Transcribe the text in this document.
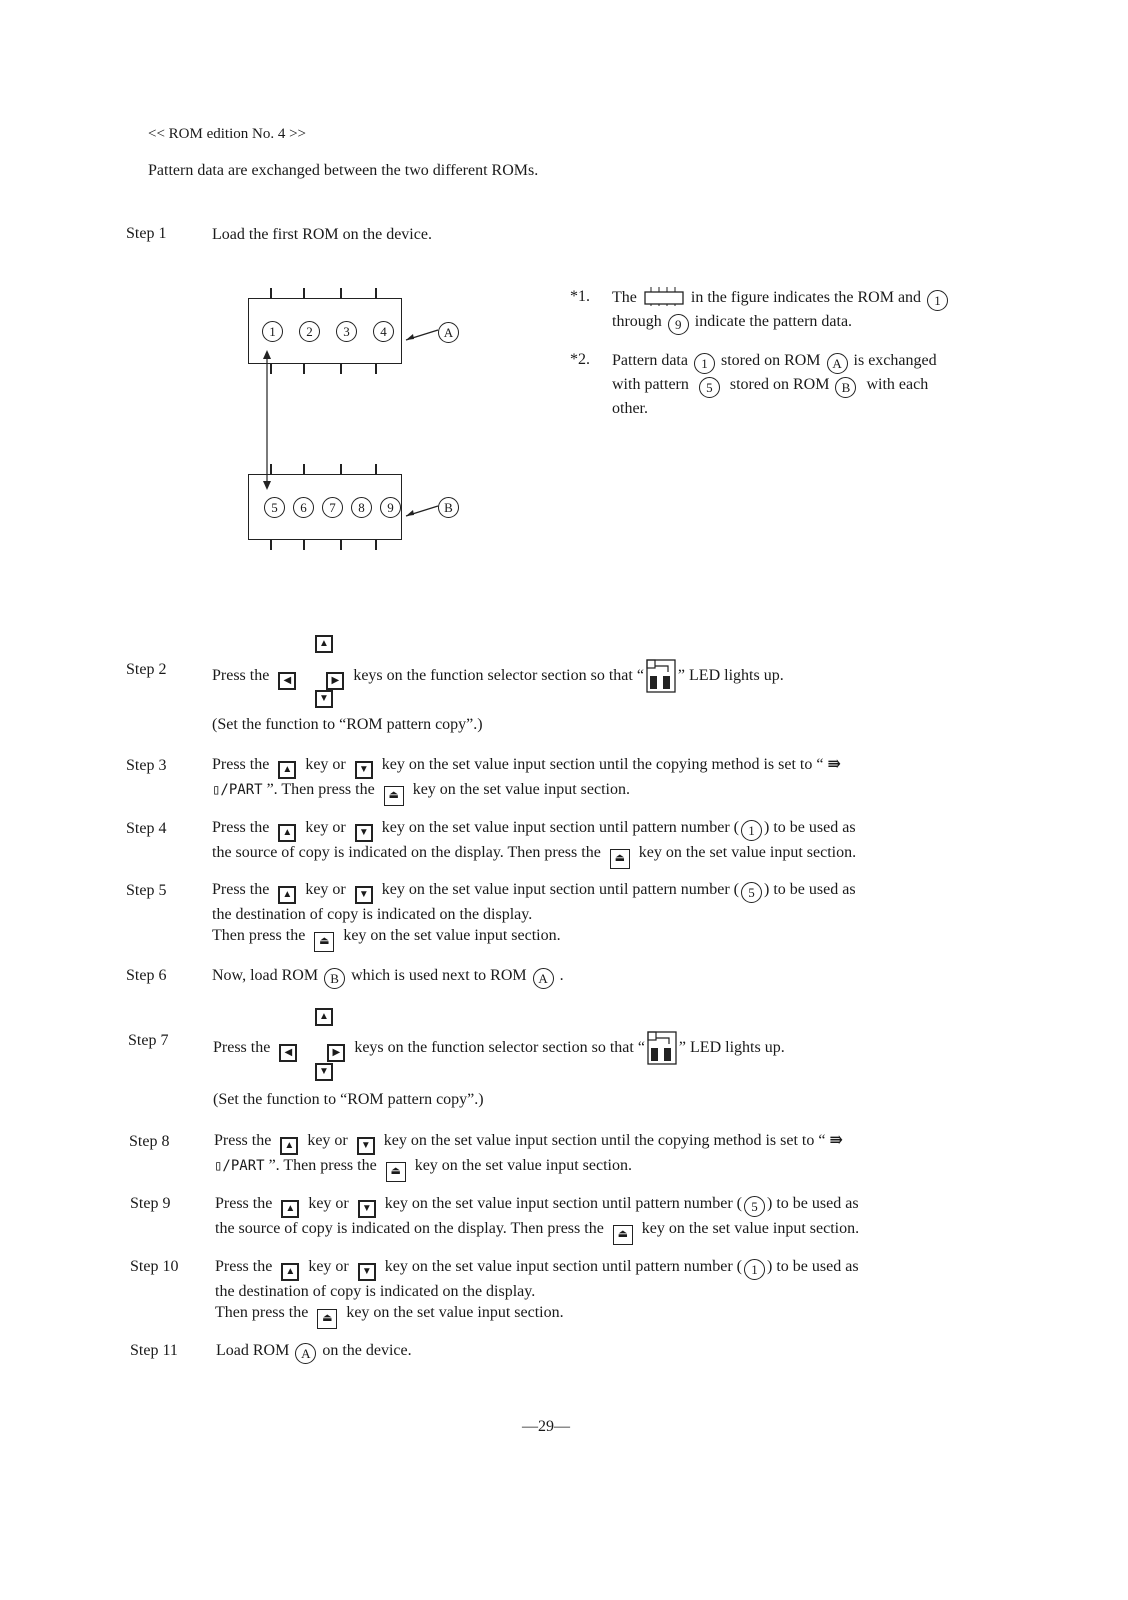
<< ROM edition No. 4 >>
Pattern data are exchanged between the two different ROMs.
Step 1	Load the first ROM on the device.
1 2 3 4	A
5 6 7 8 9	B
*1. The	in the figure indicates the ROM and 1
through 9 indicate the pattern data.
*2. Pattern data 1 stored on ROM A is exchanged
with pattern 5 stored on ROM B with each
other.
Step 2
▲
▼
Press the ◀	▶ keys on the function selector section so that “ ” LED lights up.
(Set the function to “ROM pattern copy”.)
Step 3	Press the ▲ key or ▼ key on the set value input section until the copying method is set to “ ⇛
▯/PART ”. Then press the ⏏ key on the set value input section.
Step 4	Press the ▲ key or ▼ key on the set value input section until pattern number ( 1 ) to be used as
the source of copy is indicated on the display. Then press the ⏏ key on the set value input section.
Step 5	Press the ▲ key or ▼ key on the set value input section until pattern number ( 5 ) to be used as
the destination of copy is indicated on the display.
Then press the ⏏ key on the set value input section.
Step 6	Now, load ROM B which is used next to ROM A .
Step 7
▲
▼
Press the ◀	▶ keys on the function selector section so that “ ” LED lights up.
(Set the function to “ROM pattern copy”.)
Step 8	Press the ▲ key or ▼ key on the set value input section until the copying method is set to “ ⇛
▯/PART ”. Then press the ⏏ key on the set value input section.
Step 9	Press the ▲ key or ▼ key on the set value input section until pattern number ( 5 ) to be used as
the source of copy is indicated on the display. Then press the ⏏ key on the set value input section.
Step 10 Press the ▲ key or ▼ key on the set value input section until pattern number ( 1 ) to be used as
the destination of copy is indicated on the display.
Then press the ⏏ key on the set value input section.
Step 11 Load ROM A on the device.
—29—
